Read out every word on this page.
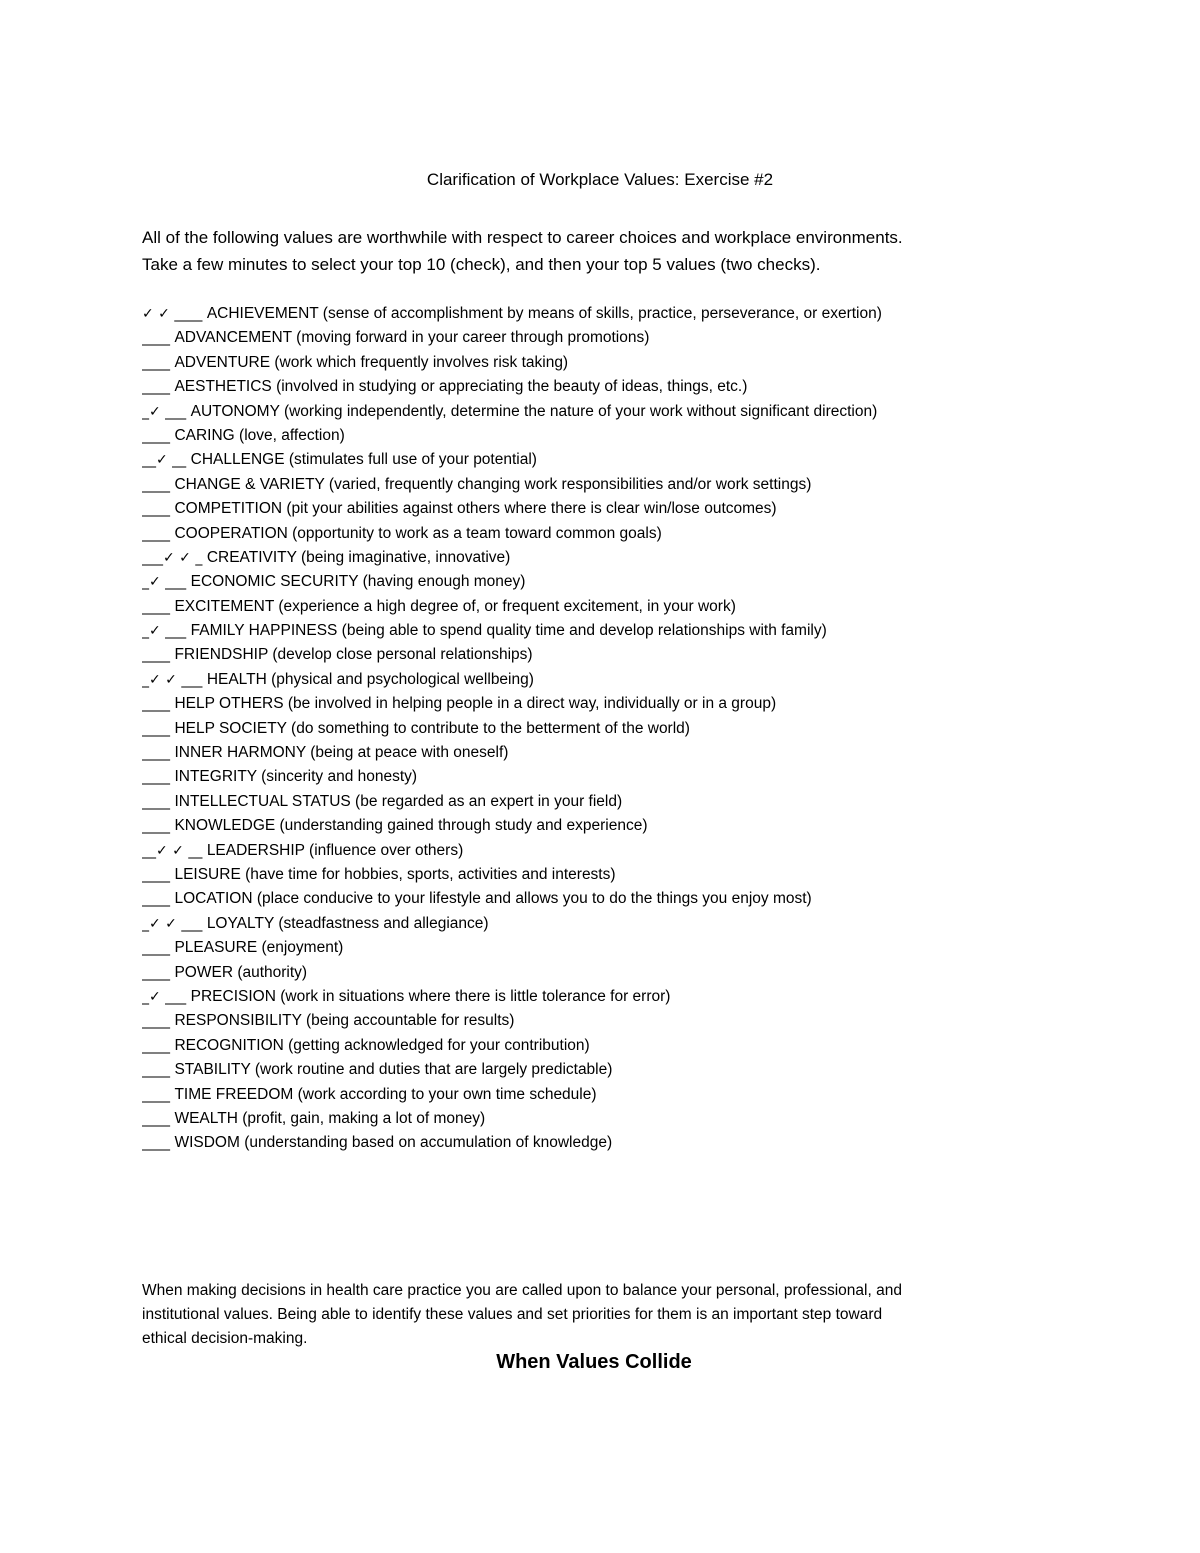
Clarification of Workplace Values: Exercise #2
All of the following values are worthwhile with respect to career choices and workplace environments.
Take a few minutes to select your top 10 (check), and then your top 5 values (two checks).
✓ ✓ ____ ACHIEVEMENT (sense of accomplishment by means of skills, practice, perseverance, or exertion)
____ ADVANCEMENT (moving forward in your career through promotions)
____ ADVENTURE (work which frequently involves risk taking)
____ AESTHETICS (involved in studying or appreciating the beauty of ideas, things, etc.)
_✓ ___ AUTONOMY (working independently, determine the nature of your work without significant direction)
____ CARING (love, affection)
__✓ __ CHALLENGE (stimulates full use of your potential)
____ CHANGE & VARIETY (varied, frequently changing work responsibilities and/or work settings)
____ COMPETITION (pit your abilities against others where there is clear win/lose outcomes)
____ COOPERATION (opportunity to work as a team toward common goals)
___✓ ✓ _ CREATIVITY (being imaginative, innovative)
_✓ ___ ECONOMIC SECURITY (having enough money)
____ EXCITEMENT (experience a high degree of, or frequent excitement, in your work)
_✓ ___ FAMILY HAPPINESS (being able to spend quality time and develop relationships with family)
____ FRIENDSHIP (develop close personal relationships)
_✓ ✓ ___ HEALTH (physical and psychological wellbeing)
____ HELP OTHERS (be involved in helping people in a direct way, individually or in a group)
____ HELP SOCIETY (do something to contribute to the betterment of the world)
____ INNER HARMONY (being at peace with oneself)
____ INTEGRITY (sincerity and honesty)
____ INTELLECTUAL STATUS (be regarded as an expert in your field)
____ KNOWLEDGE (understanding gained through study and experience)
__✓ ✓ __ LEADERSHIP (influence over others)
____ LEISURE (have time for hobbies, sports, activities and interests)
____ LOCATION (place conducive to your lifestyle and allows you to do the things you enjoy most)
_✓ ✓ ___ LOYALTY (steadfastness and allegiance)
____ PLEASURE (enjoyment)
____ POWER (authority)
_✓ ___ PRECISION (work in situations where there is little tolerance for error)
____ RESPONSIBILITY (being accountable for results)
____ RECOGNITION (getting acknowledged for your contribution)
____ STABILITY (work routine and duties that are largely predictable)
____ TIME FREEDOM (work according to your own time schedule)
____ WEALTH (profit, gain, making a lot of money)
____ WISDOM (understanding based on accumulation of knowledge)
When making decisions in health care practice you are called upon to balance your personal, professional, and
institutional values. Being able to identify these values and set priorities for them is an important step toward
ethical decision-making.
When Values Collide
